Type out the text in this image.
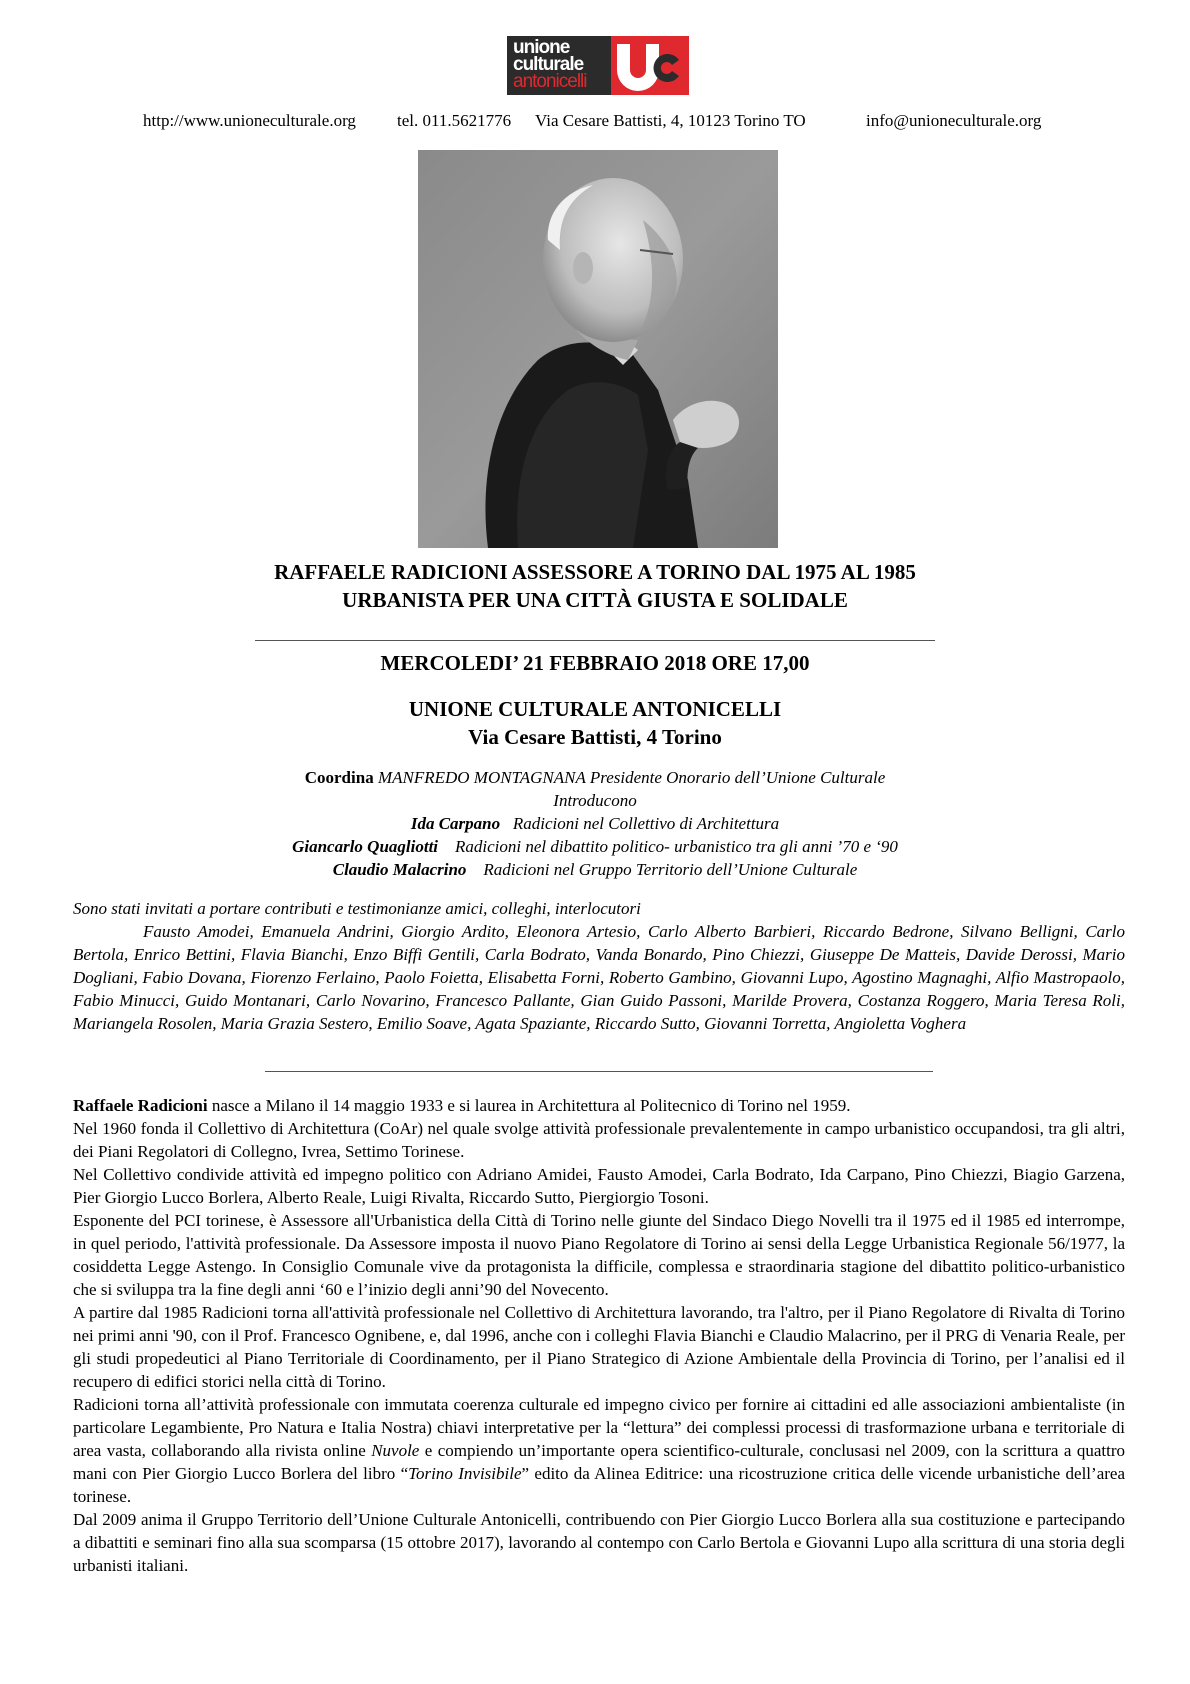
unione
culturale
antonicelli
http://www.unioneculturale.org tel. 011.5621776 Via Cesare Battisti, 4, 10123 Torino TO	info@unioneculturale.org
RAFFAELE RADICIONI ASSESSORE A TORINO DAL 1975 AL 1985
URBANISTA PER UNA CITTÀ GIUSTA E SOLIDALE
MERCOLEDI’ 21 FEBBRAIO 2018 ORE 17,00
UNIONE CULTURALE ANTONICELLI
Via Cesare Battisti, 4 Torino
Coordina MANFREDO MONTAGNANA Presidente Onorario dell’Unione Culturale
Introducono
Ida Carpano Radicioni nel Collettivo di Architettura
Giancarlo Quagliotti Radicioni nel dibattito politico- urbanistico tra gli anni ’70 e ‘90
Claudio Malacrino Radicioni nel Gruppo Territorio dell’Unione Culturale

Sono stati invitati a portare contributi e testimonianze amici, colleghi, interlocutori

Fausto Amodei, Emanuela Andrini, Giorgio Ardito, Eleonora Artesio, Carlo Alberto Barbieri, Riccardo Bedrone, Silvano Belligni, Carlo Bertola, Enrico Bettini, Flavia Bianchi, Enzo Biffi Gentili, Carla Bodrato, Vanda Bonardo, Pino Chiezzi, Giuseppe De Matteis, Davide Derossi, Mario Dogliani, Fabio Dovana, Fiorenzo Ferlaino, Paolo Foietta, Elisabetta Forni, Roberto Gambino, Giovanni Lupo, Agostino Magnaghi, Alfio Mastropaolo, Fabio Minucci, Guido Montanari, Carlo Novarino, Francesco Pallante, Gian Guido Passoni, Marilde Provera, Costanza Roggero, Maria Teresa Roli, Mariangela Rosolen, Maria Grazia Sestero, Emilio Soave, Agata Spaziante, Riccardo Sutto, Giovanni Torretta, Angioletta Voghera

Raffaele Radicioni nasce a Milano il 14 maggio 1933 e si laurea in Architettura al Politecnico di Torino nel 1959.

Nel 1960 fonda il Collettivo di Architettura (CoAr) nel quale svolge attività professionale prevalentemente in campo urbanistico occupandosi, tra gli altri, dei Piani Regolatori di Collegno, Ivrea, Settimo Torinese.

Nel Collettivo condivide attività ed impegno politico con Adriano Amidei, Fausto Amodei, Carla Bodrato, Ida Carpano, Pino Chiezzi, Biagio Garzena, Pier Giorgio Lucco Borlera, Alberto Reale, Luigi Rivalta, Riccardo Sutto, Piergiorgio Tosoni.

Esponente del PCI torinese, è Assessore all'Urbanistica della Città di Torino nelle giunte del Sindaco Diego Novelli tra il 1975 ed il 1985 ed interrompe, in quel periodo, l'attività professionale. Da Assessore imposta il nuovo Piano Regolatore di Torino ai sensi della Legge Urbanistica Regionale 56/1977, la cosiddetta Legge Astengo. In Consiglio Comunale vive da protagonista la difficile, complessa e straordinaria stagione del dibattito politico-urbanistico che si sviluppa tra la fine degli anni ‘60 e l’inizio degli anni’90 del Novecento.

A partire dal 1985 Radicioni torna all'attività professionale nel Collettivo di Architettura lavorando, tra l'altro, per il Piano Regolatore di Rivalta di Torino nei primi anni '90, con il Prof. Francesco Ognibene, e, dal 1996, anche con i colleghi Flavia Bianchi e Claudio Malacrino, per il PRG di Venaria Reale, per gli studi propedeutici al Piano Territoriale di Coordinamento, per il Piano Strategico di Azione Ambientale della Provincia di Torino, per l’analisi ed il recupero di edifici storici nella città di Torino.

Radicioni torna all’attività professionale con immutata coerenza culturale ed impegno civico per fornire ai cittadini ed alle associazioni ambientaliste (in particolare Legambiente, Pro Natura e Italia Nostra) chiavi interpretative per la “lettura” dei complessi processi di trasformazione urbana e territoriale di area vasta, collaborando alla rivista online Nuvole e compiendo un’importante opera scientifico-culturale, conclusasi nel 2009, con la scrittura a quattro mani con Pier Giorgio Lucco Borlera del libro “Torino Invisibile” edito da Alinea Editrice: una ricostruzione critica delle vicende urbanistiche dell’area torinese.

Dal 2009 anima il Gruppo Territorio dell’Unione Culturale Antonicelli, contribuendo con Pier Giorgio Lucco Borlera alla sua costituzione e partecipando a dibattiti e seminari fino alla sua scomparsa (15 ottobre 2017), lavorando al contempo con Carlo Bertola e Giovanni Lupo alla scrittura di una storia degli urbanisti italiani.
